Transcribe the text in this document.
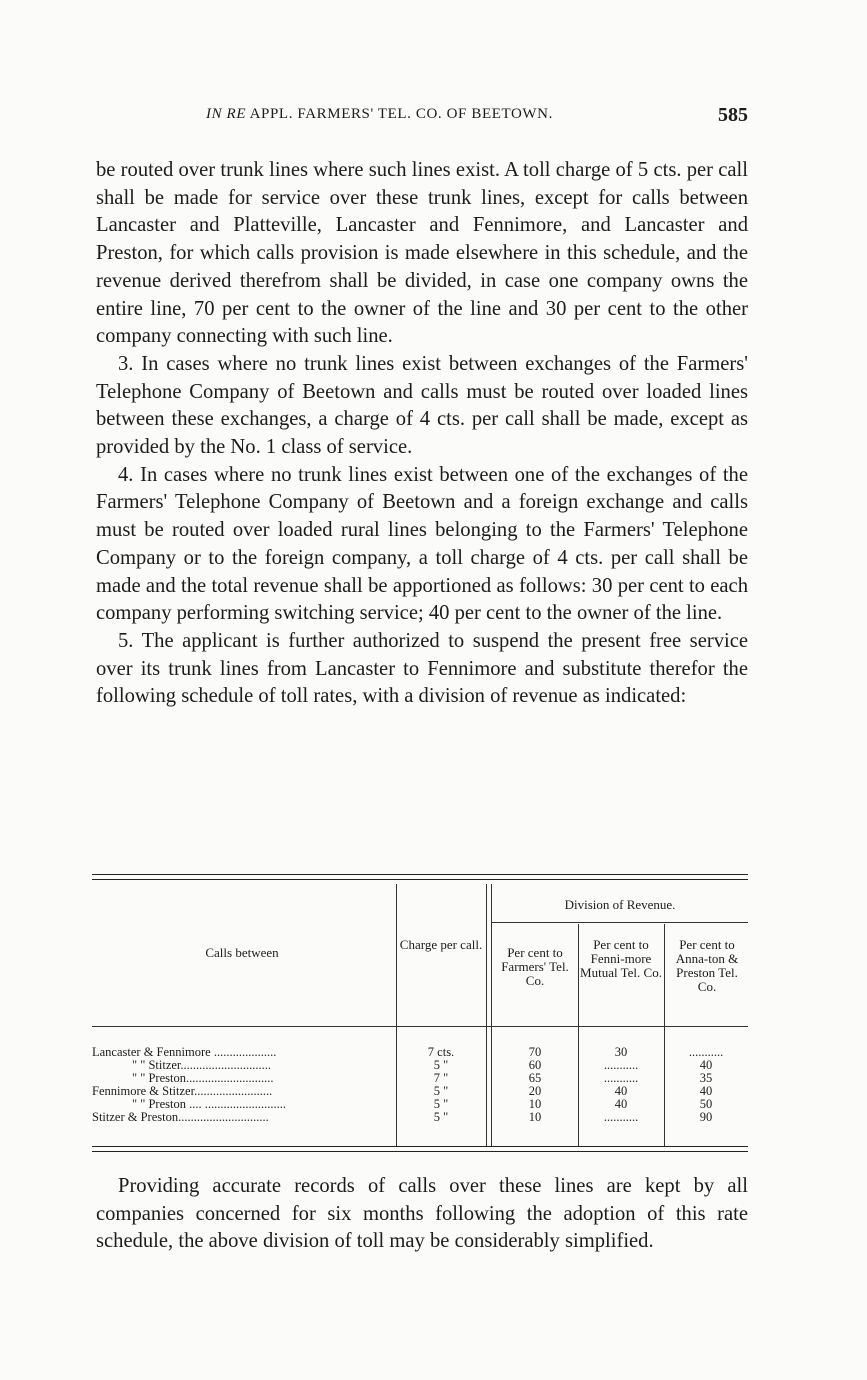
IN RE APPL. FARMERS' TEL. CO. OF BEETOWN.	585

be routed over trunk lines where such lines exist. A toll charge of 5 cts. per call shall be made for service over these trunk lines, except for calls between Lancaster and Platteville, Lancaster and Fennimore, and Lancaster and Preston, for which calls provision is made elsewhere in this schedule, and the revenue derived therefrom shall be divided, in case one company owns the entire line, 70 per cent to the owner of the line and 30 per cent to the other company connecting with such line.

3. In cases where no trunk lines exist between exchanges of the Farmers' Telephone Company of Beetown and calls must be routed over loaded lines between these exchanges, a charge of 4 cts. per call shall be made, except as provided by the No. 1 class of service.

4. In cases where no trunk lines exist between one of the exchanges of the Farmers' Telephone Company of Beetown and a foreign exchange and calls must be routed over loaded rural lines belonging to the Farmers' Telephone Company or to the foreign company, a toll charge of 4 cts. per call shall be made and the total revenue shall be apportioned as follows: 30 per cent to each company performing switching service; 40 per cent to the owner of the line.

5. The applicant is further authorized to suspend the present free service over its trunk lines from Lancaster to Fennimore and substitute therefor the following schedule of toll rates, with a division of revenue as indicated:

Calls between
Charge per call.
Division of Revenue.
Per cent to Farmers' Tel. Co.
Per cent to Fenni-more Mutual Tel. Co.
Per cent to Anna-ton & Preston Tel. Co.
Lancaster & Fennimore ....................	7 cts.	70	30	...........
" " Stitzer.............................	5 "	60	...........	40
" " Preston............................	7 "	65	...........	35
Fennimore & Stitzer.........................	5 "	20	40	40
" " Preston .... ..........................	5 "	10	40	50
Stitzer & Preston.............................	5 "	10	...........	90

Providing accurate records of calls over these lines are kept by all companies concerned for six months following the adoption of this rate schedule, the above division of toll may be considerably simplified.
